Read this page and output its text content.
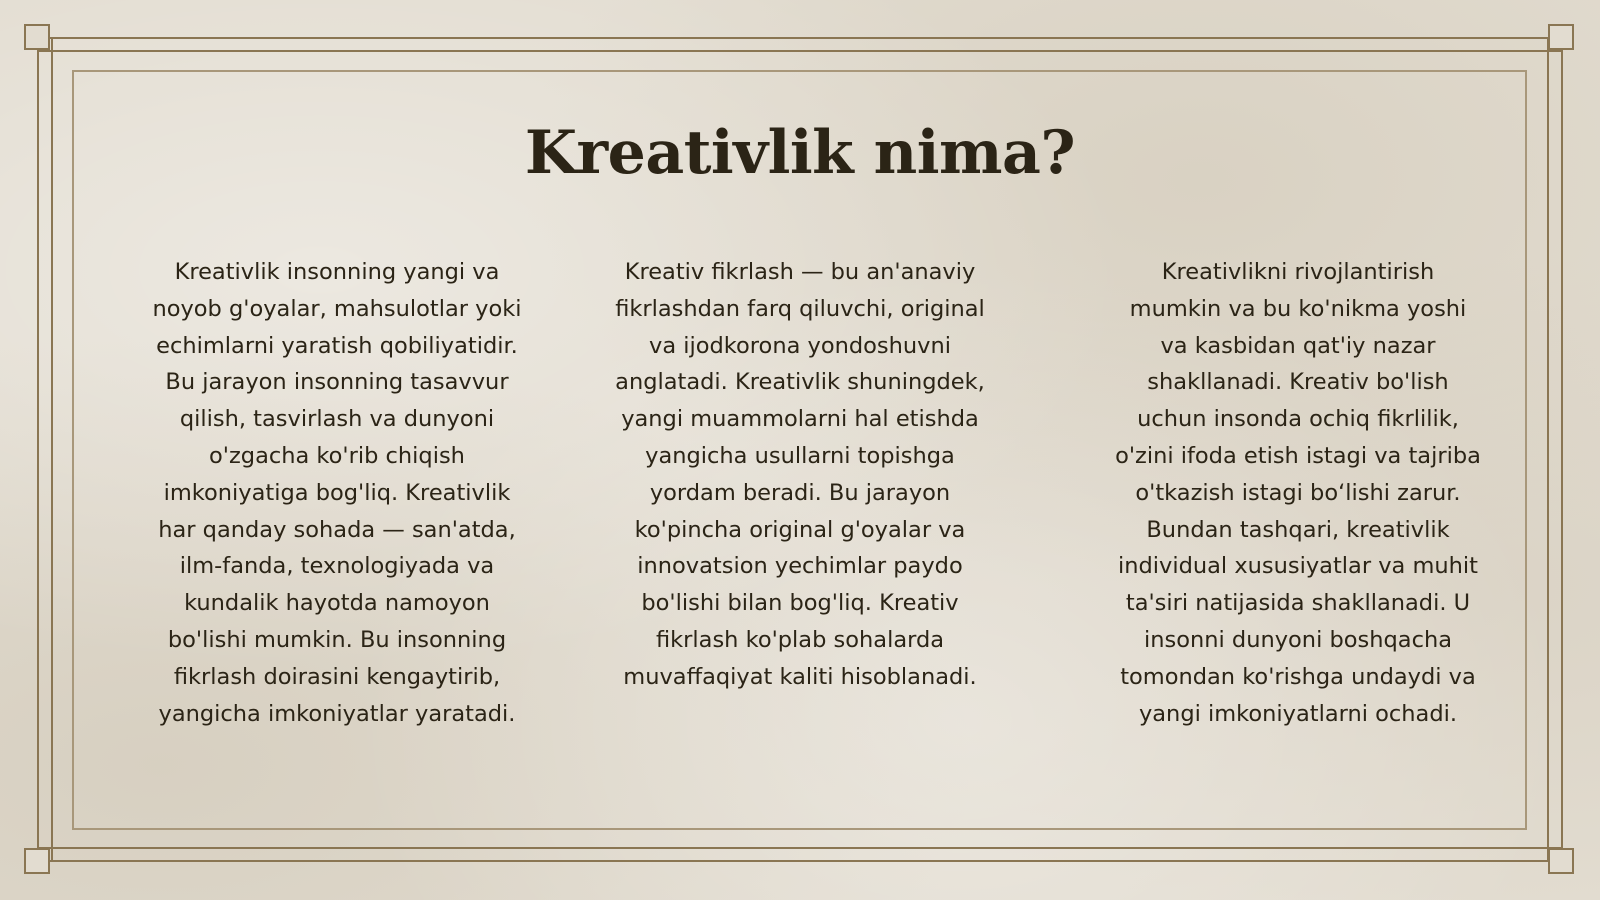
Kreativlik nima?

Kreativlik insonning yangi va noyob g'oyalar, mahsulotlar yoki echimlarni yaratish qobiliyatidir. Bu jarayon insonning tasavvur qilish, tasvirlash va dunyoni o'zgacha ko'rib chiqish imkoniyatiga bog'liq. Kreativlik har qanday sohada — san'atda, ilm-fanda, texnologiyada va kundalik hayotda namoyon bo'lishi mumkin. Bu insonning fikrlash doirasini kengaytirib, yangicha imkoniyatlar yaratadi.

Kreativ fikrlash — bu an'anaviy fikrlashdan farq qiluvchi, original va ijodkorona yondoshuvni anglatadi. Kreativlik shuningdek, yangi muammolarni hal etishda yangicha usullarni topishga yordam beradi. Bu jarayon ko'pincha original g'oyalar va innovatsion yechimlar paydo bo'lishi bilan bog'liq. Kreativ fikrlash ko'plab sohalarda muvaffaqiyat kaliti hisoblanadi.

Kreativlikni rivojlantirish mumkin va bu ko'nikma yoshi va kasbidan qat'iy nazar shakllanadi. Kreativ bo'lish uchun insonda ochiq fikrlilik, o'zini ifoda etish istagi va tajriba o'tkazish istagi bo‘lishi zarur. Bundan tashqari, kreativlik individual xususiyatlar va muhit ta'siri natijasida shakllanadi. U insonni dunyoni boshqacha tomondan ko'rishga undaydi va yangi imkoniyatlarni ochadi.
